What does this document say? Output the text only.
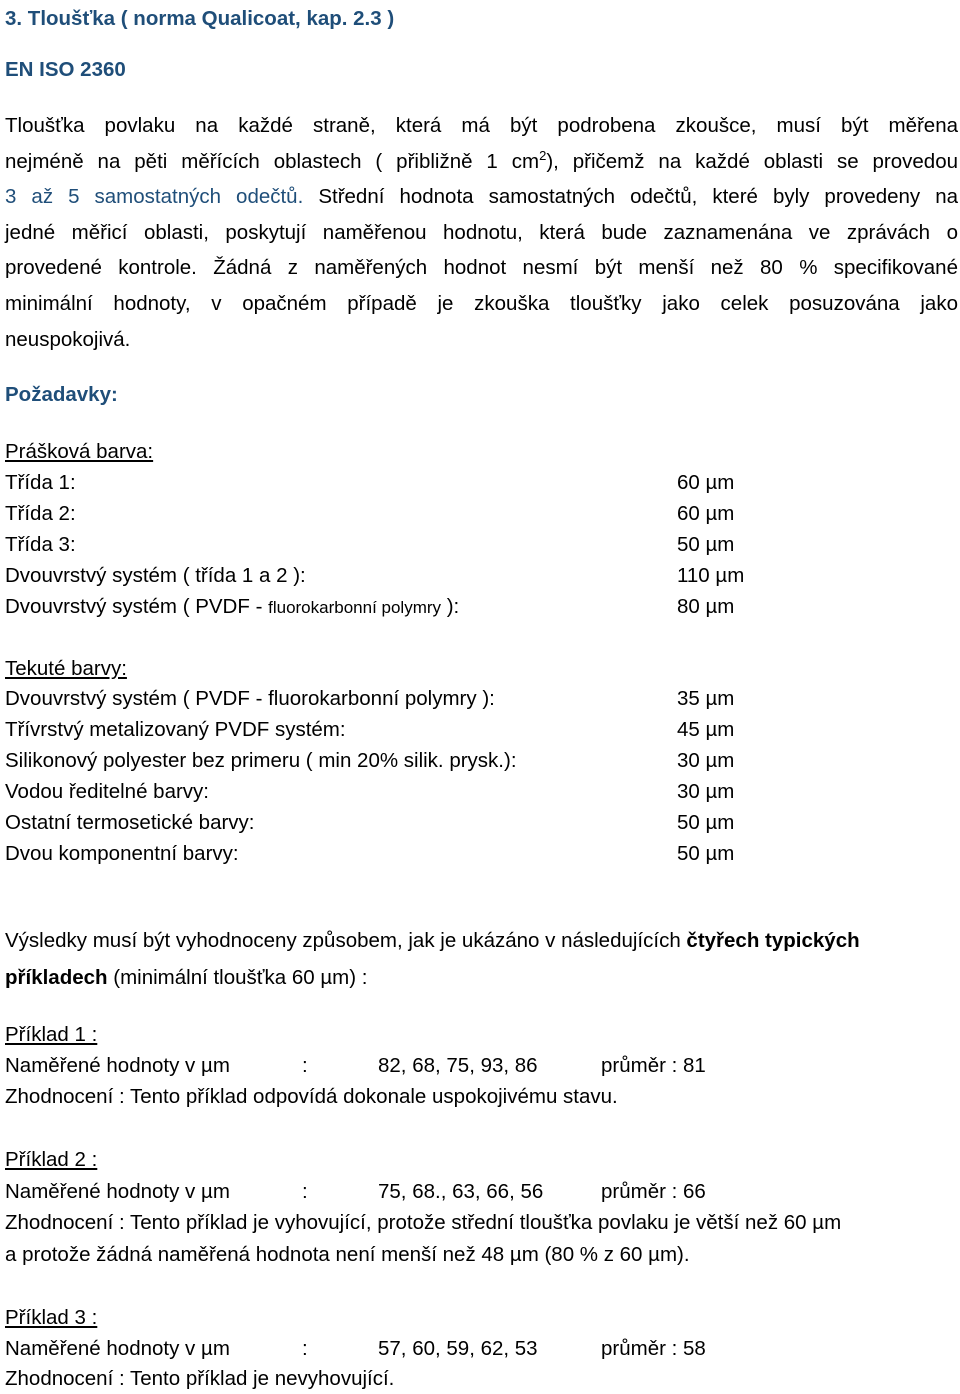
3. Tloušťka ( norma Qualicoat, kap. 2.3 )
EN ISO 2360
Tloušťka povlaku na každé straně, která má být podrobena zkoušce, musí být měřena
nejméně na pěti měřících oblastech ( přibližně 1 $cm^2$), přičemž na každé oblasti se provedou
3 až 5 samostatných odečtů. Střední hodnota samostatných odečtů, které byly provedeny na
jedné měřicí oblasti, poskytují naměřenou hodnotu, která bude zaznamenána ve zprávách o
provedené kontrole. Žádná z naměřených hodnot nesmí být menší než 80 % specifikované
minimální hodnoty, v opačném případě je zkouška tloušťky jako celek posuzována jako
neuspokojivá.
Požadavky:
Prášková barva:
Třída 1:	60 µm
Třída 2:	60 µm
Třída 3:	50 µm
Dvouvrstvý systém ( třída 1 a 2 ):	110 µm
Dvouvrstvý systém ( PVDF - fluorokarbonní polymry ):	80 µm
Tekuté barvy:
Dvouvrstvý systém ( PVDF - fluorokarbonní polymry ):	35 µm
Třívrstvý metalizovaný PVDF systém:	45 µm
Silikonový polyester bez primeru ( min 20% silik. prysk.):	30 µm
Vodou ředitelné barvy:	30 µm
Ostatní termosetické barvy:	50 µm
Dvou komponentní barvy:	50 µm
Výsledky musí být vyhodnoceny způsobem, jak je ukázáno v následujících čtyřech typických
příkladech (minimální tloušťka 60 µm) :
Příklad 1 :
Naměřené hodnoty v µm	:	82, 68, 75, 93, 86	průměr : 81
Zhodnocení : Tento příklad odpovídá dokonale uspokojivému stavu.
Příklad 2 :
Naměřené hodnoty v µm	:	75, 68., 63, 66, 56	průměr : 66
Zhodnocení : Tento příklad je vyhovující, protože střední tloušťka povlaku je větší než 60 µm
a protože žádná naměřená hodnota není menší než 48 µm (80 % z 60 µm).
Příklad 3 :
Naměřené hodnoty v µm	:	57, 60, 59, 62, 53	průměr : 58
Zhodnocení : Tento příklad je nevyhovující.
